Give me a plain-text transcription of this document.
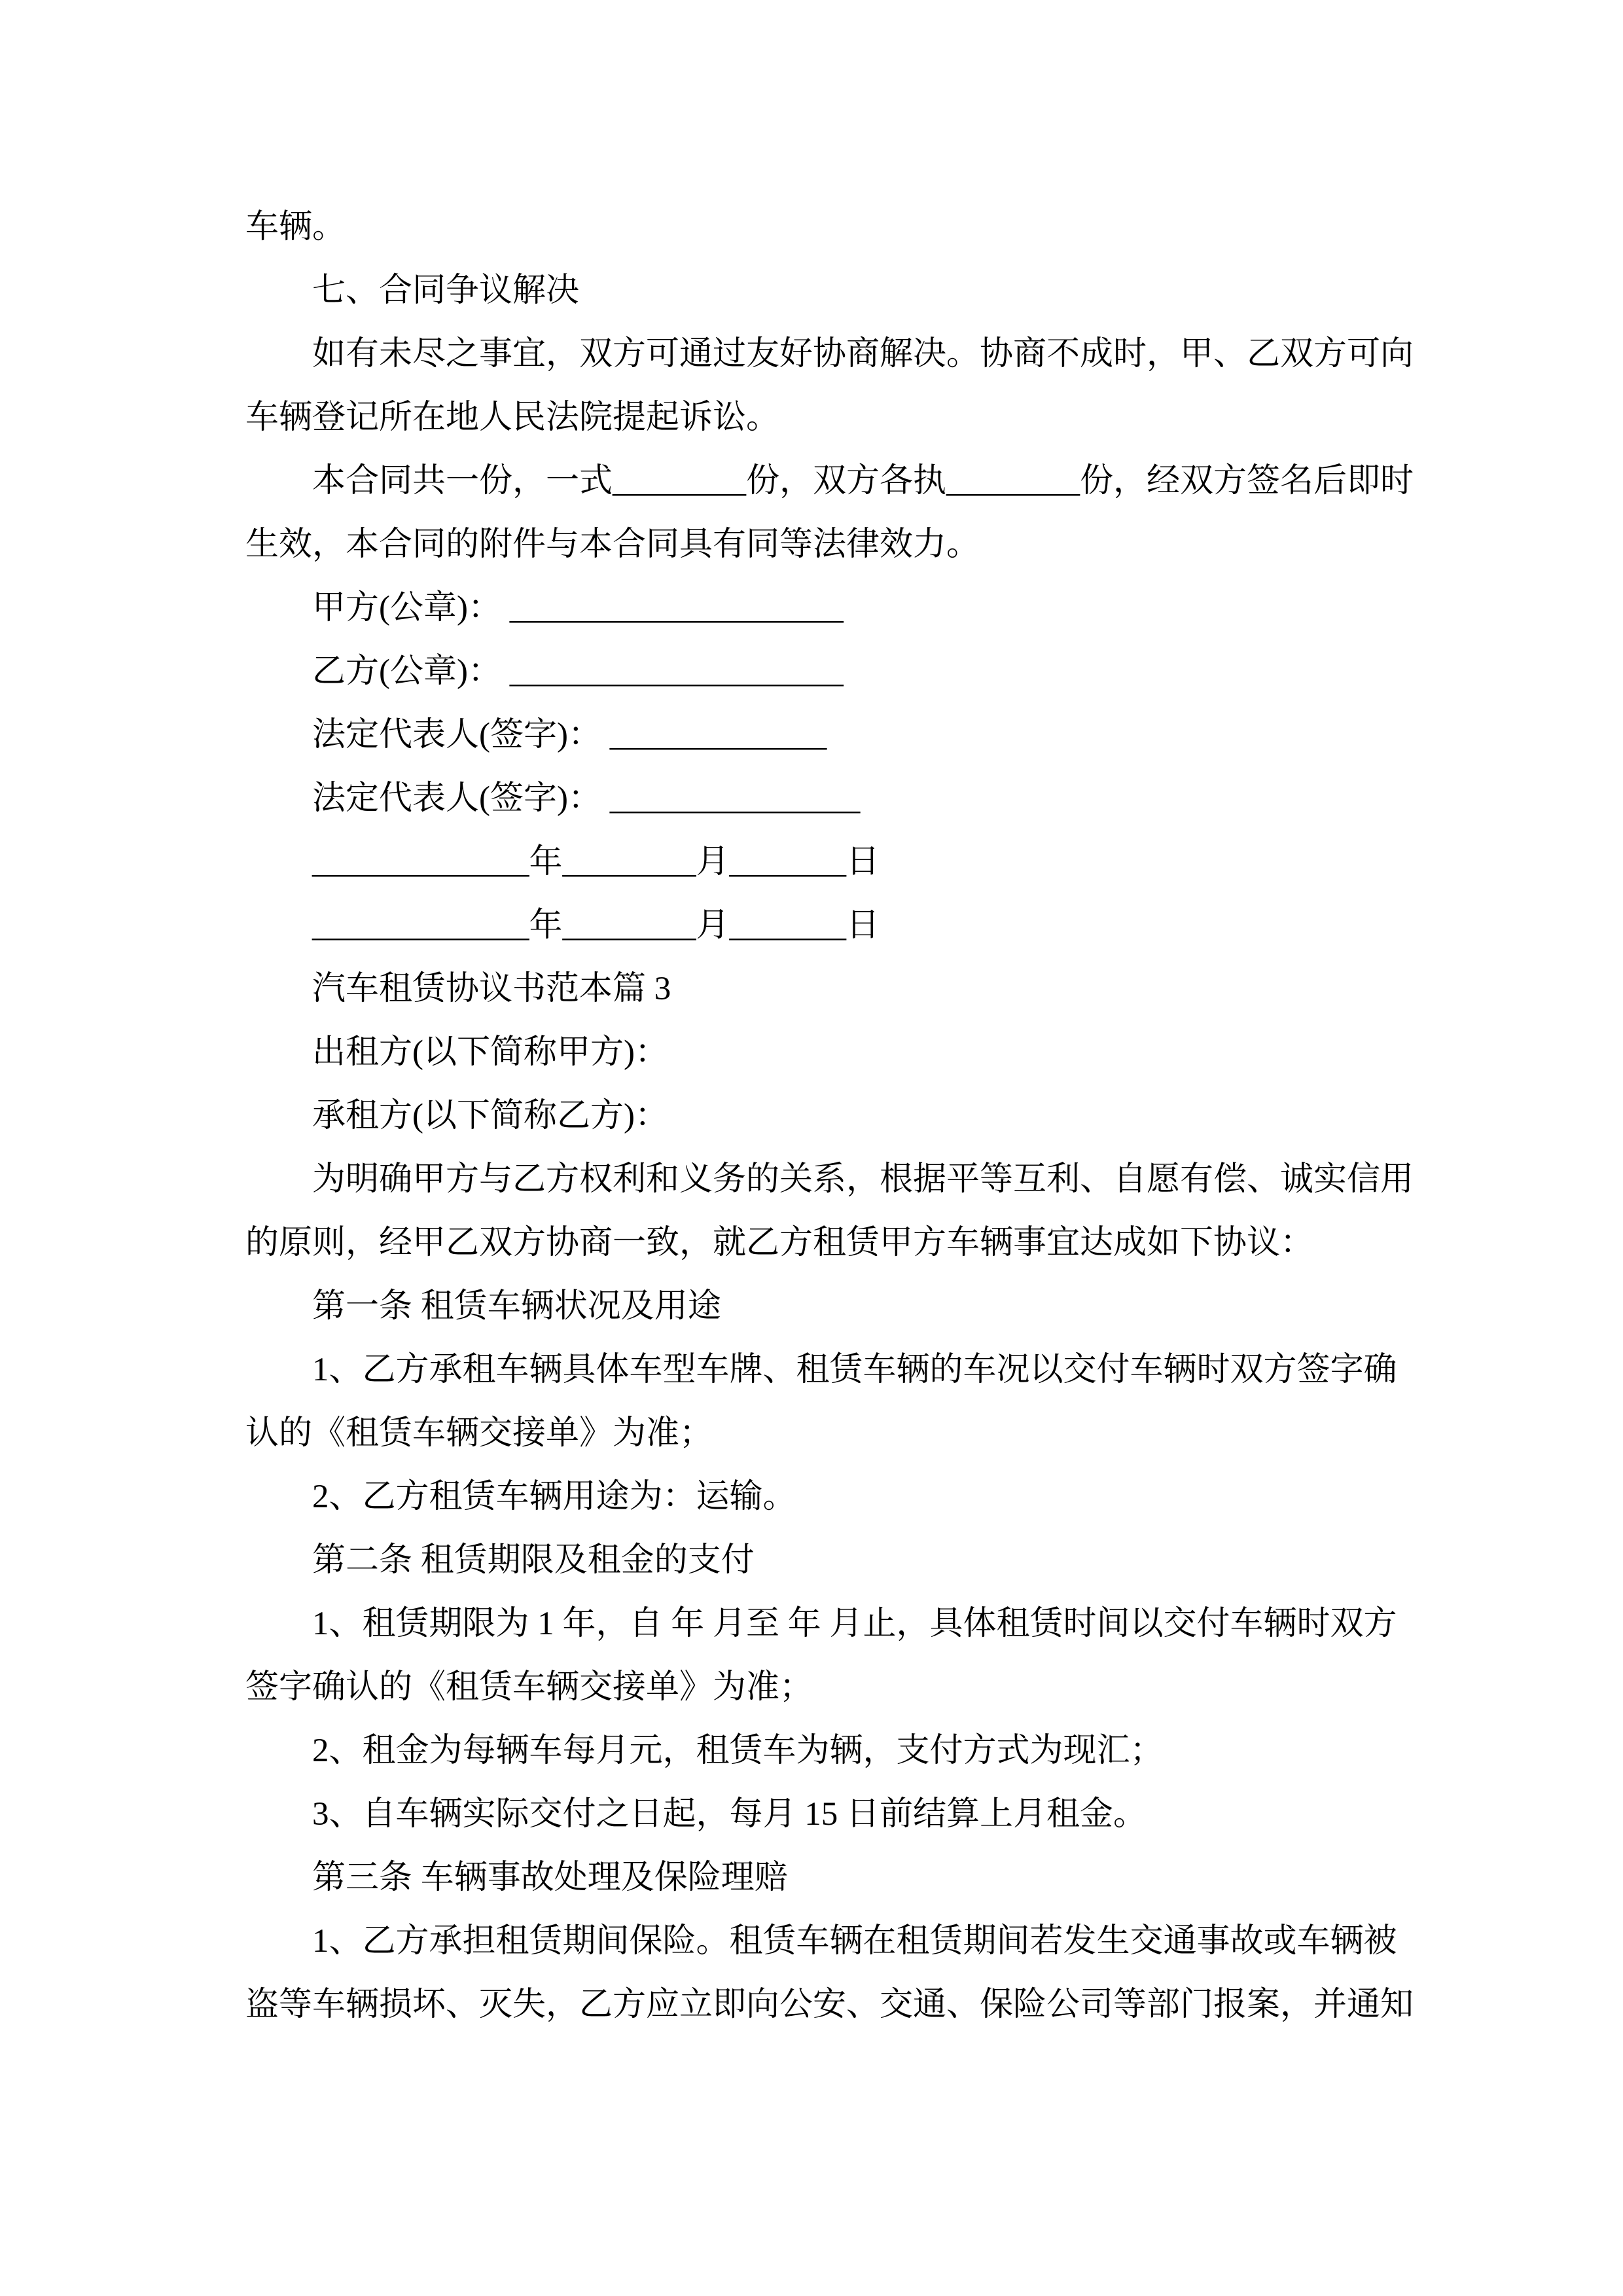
车辆。
七、合同争议解决
如有未尽之事宜，双方可通过友好协商解决。协商不成时，甲、乙双方可向
车辆登记所在地人民法院提起诉讼。
本合同共一份，一式________份，双方各执________份，经双方签名后即时
生效，本合同的附件与本合同具有同等法律效力。
甲方(公章)： ____________________
乙方(公章)： ____________________
法定代表人(签字)： _____________
法定代表人(签字)： _______________
_____________年________月_______日
_____________年________月_______日
汽车租赁协议书范本篇 3
出租方(以下简称甲方)：
承租方(以下简称乙方)：
为明确甲方与乙方权利和义务的关系，根据平等互利、自愿有偿、诚实信用
的原则，经甲乙双方协商一致，就乙方租赁甲方车辆事宜达成如下协议：
第一条 租赁车辆状况及用途
1、乙方承租车辆具体车型车牌、租赁车辆的车况以交付车辆时双方签字确
认的《租赁车辆交接单》为准；
2、乙方租赁车辆用途为：运输。
第二条 租赁期限及租金的支付
1、租赁期限为 1 年，自 年 月至 年 月止，具体租赁时间以交付车辆时双方
签字确认的《租赁车辆交接单》为准；
2、租金为每辆车每月元，租赁车为辆，支付方式为现汇；
3、自车辆实际交付之日起，每月 15 日前结算上月租金。
第三条 车辆事故处理及保险理赔
1、乙方承担租赁期间保险。租赁车辆在租赁期间若发生交通事故或车辆被
盗等车辆损坏、灭失，乙方应立即向公安、交通、保险公司等部门报案，并通知
